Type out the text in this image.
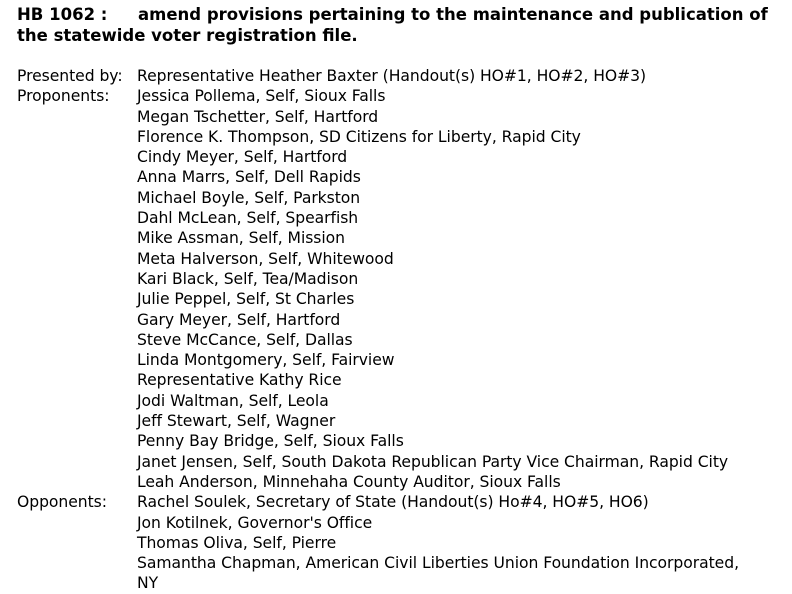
HB 1062 : amend provisions pertaining to the maintenance and publication of
the statewide voter registration file.
Presented by: Representative Heather Baxter (Handout(s) HO#1, HO#2, HO#3)
Proponents:	Jessica Pollema, Self, Sioux Falls
Megan Tschetter, Self, Hartford
Florence K. Thompson, SD Citizens for Liberty, Rapid City
Cindy Meyer, Self, Hartford
Anna Marrs, Self, Dell Rapids
Michael Boyle, Self, Parkston
Dahl McLean, Self, Spearfish
Mike Assman, Self, Mission
Meta Halverson, Self, Whitewood
Kari Black, Self, Tea/Madison
Julie Peppel, Self, St Charles
Gary Meyer, Self, Hartford
Steve McCance, Self, Dallas
Linda Montgomery, Self, Fairview
Representative Kathy Rice
Jodi Waltman, Self, Leola
Jeff Stewart, Self, Wagner
Penny Bay Bridge, Self, Sioux Falls
Janet Jensen, Self, South Dakota Republican Party Vice Chairman, Rapid City
Leah Anderson, Minnehaha County Auditor, Sioux Falls
Opponents:	Rachel Soulek, Secretary of State (Handout(s) Ho#4, HO#5, HO6)
Jon Kotilnek, Governor's Office
Thomas Oliva, Self, Pierre
Samantha Chapman, American Civil Liberties Union Foundation Incorporated,
NY
